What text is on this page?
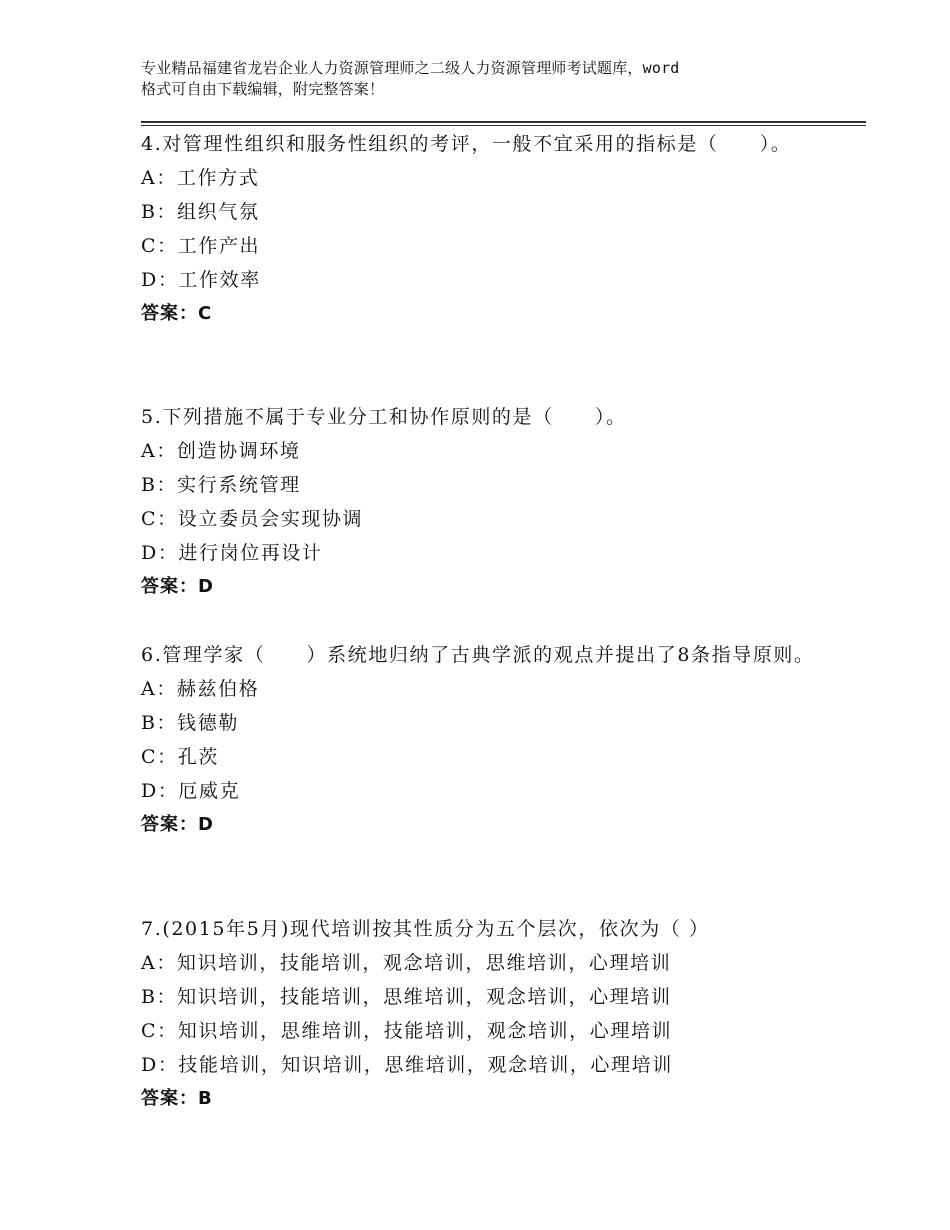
专业精品福建省龙岩企业人力资源管理师之二级人力资源管理师考试题库，word
格式可自由下载编辑，附完整答案！
4.对管理性组织和服务性组织的考评，一般不宜采用的指标是（　　）。
A：工作方式
B：组织气氛
C：工作产出
D：工作效率
答案：C
5.下列措施不属于专业分工和协作原则的是（　　）。
A：创造协调环境
B：实行系统管理
C：设立委员会实现协调
D：进行岗位再设计
答案：D
6.管理学家（　　）系统地归纳了古典学派的观点并提出了8条指导原则。
A：赫兹伯格
B：钱德勒
C：孔茨
D：厄威克
答案：D
7.(2015年5月)现代培训按其性质分为五个层次，依次为（ ）
A：知识培训，技能培训，观念培训，思维培训，心理培训
B：知识培训，技能培训，思维培训，观念培训，心理培训
C：知识培训，思维培训，技能培训，观念培训，心理培训
D：技能培训，知识培训，思维培训，观念培训，心理培训
答案：B
